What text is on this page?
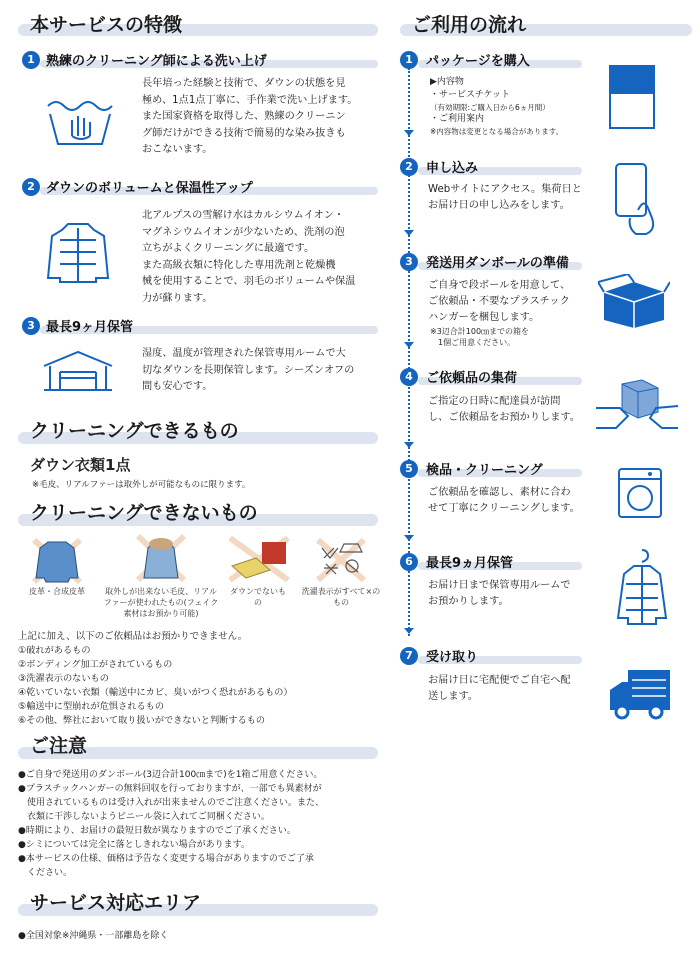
本サービスの特徴
1 熟練のクリーニング師による洗い上げ
長年培った経験と技術で、ダウンの状態を見
極め、1点1点丁寧に、手作業で洗い上げます。
また国家資格を取得した、熟練のクリーニン
グ師だけができる技術で簡易的な染み抜きも
おこないます。
2 ダウンのボリュームと保温性アップ
北アルプスの雪解け水はカルシウムイオン・
マグネシウムイオンが少ないため、洗剤の泡
立ちがよくクリーニングに最適です。
また高級衣類に特化した専用洗剤と乾燥機
械を使用することで、羽毛のボリュームや保温
力が蘇ります。
3 最長9ヶ月保管
湿度、温度が管理された保管専用ルームで大
切なダウンを長期保管します。シーズンオフの
間も安心です。
クリーニングできるもの
ダウン衣類1点
※毛皮、リアルファーは取外しが可能なものに限ります。
クリーニングできないもの
皮革・合成皮革	取外しが出来ない毛皮、リアルファーが使われたもの(フェイク素材はお預かり可能)
ダウンでないもの
洗濯表示がすべて×のもの
上記に加え、以下のご依頼品はお預かりできません。
①破れがあるもの
②ボンディング加工がされているもの
③洗濯表示のないもの
④乾いていない衣類（輸送中にカビ、臭いがつく恐れがあるもの）
⑤輸送中に型崩れが危惧されるもの
⑥その他、弊社において取り扱いができないと判断するもの
ご注意
●ご自身で発送用のダンボール(3辺合計100㎝まで)を1箱ご用意ください。
●プラスチックハンガーの無料回収を行っておりますが、一部でも異素材が
使用されているものは受け入れが出来ませんのでご注意ください。また、
衣類に干渉しないようビニール袋に入れてご同梱ください。
●時期により、お届けの最短日数が異なりますのでご了承ください。
●シミについては完全に落としきれない場合があります。
●本サービスの仕様、価格は予告なく変更する場合がありますのでご了承
ください。
サービス対応エリア
●全国対象※沖縄県・一部離島を除く
ご利用の流れ
1	パッケージを購入
▶内容物
・サービスチケット
（有効期限:ご購入日から6ヵ月間）
・ご利用案内
※内容物は変更となる場合があります。
2	申し込み
Webサイトにアクセス。集荷日と
お届け日の申し込みをします。
3	発送用ダンボールの準備
ご自身で段ボールを用意して、
ご依頼品・不要なプラスチック
ハンガーを梱包します。
※3辺合計100㎝までの箱を
1個ご用意ください。
4	ご依頼品の集荷
ご指定の日時に配達員が訪問
し、ご依頼品をお預かりします。
5	検品・クリーニング
ご依頼品を確認し、素材に合わ
せて丁寧にクリーニングします。
6	最長9ヵ月保管
お届け日まで保管専用ルームで
お預かりします。
7	受け取り
お届け日に宅配便でご自宅へ配
送します。
